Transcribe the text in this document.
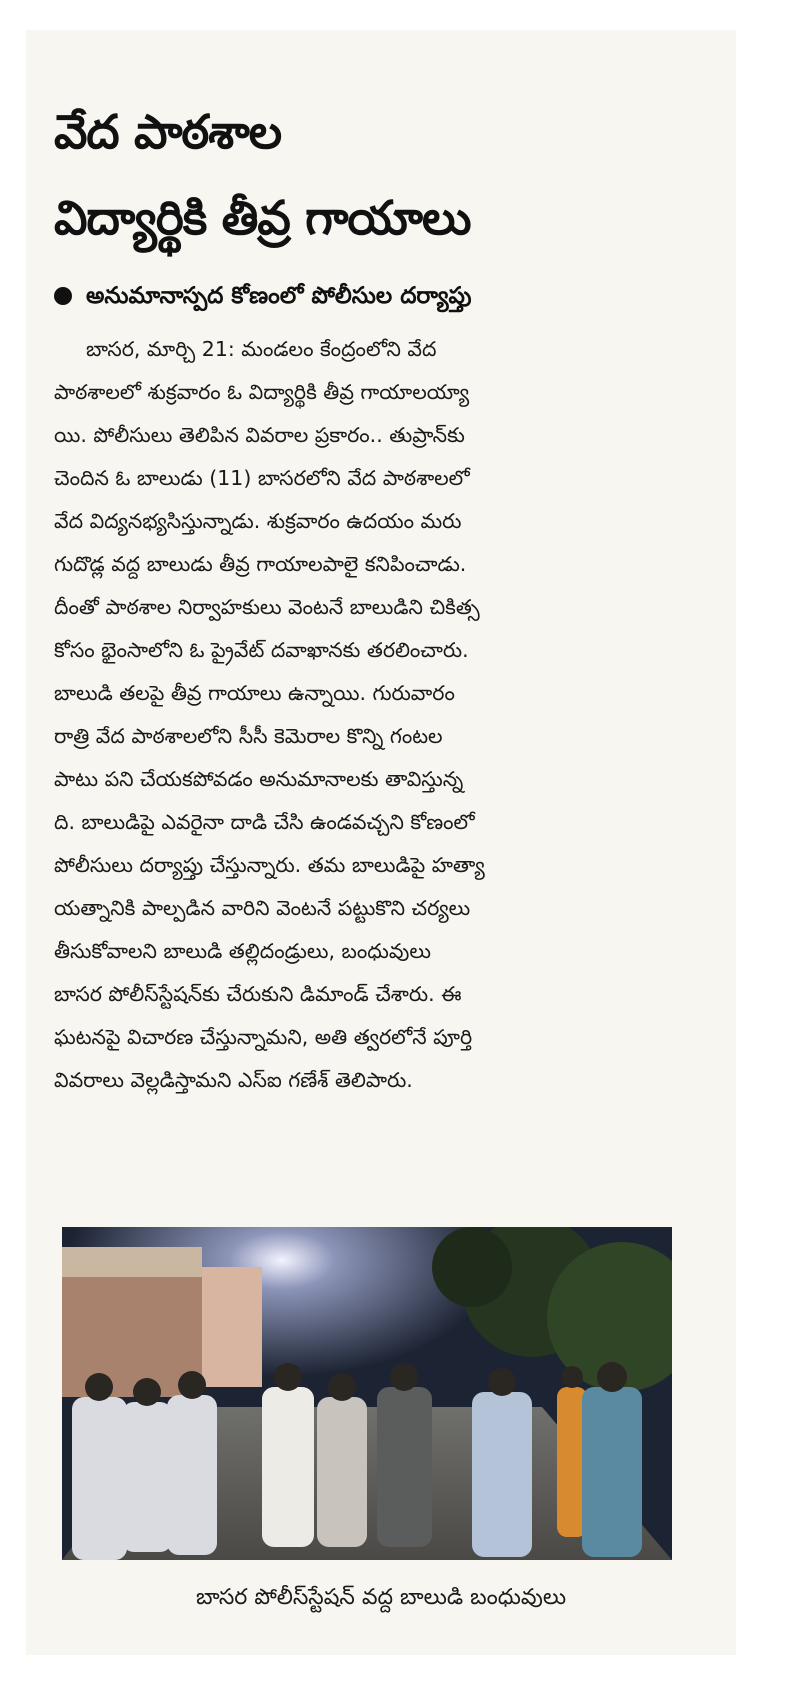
వేద పాఠశాల
విద్యార్థికి తీవ్ర గాయాలు
అనుమానాస్పద కోణంలో పోలీసుల దర్యాప్తు
బాసర, మార్చి 21: మండలం కేంద్రంలోని వేద
పాఠశాలలో శుక్రవారం ఓ విద్యార్థికి తీవ్ర గాయాలయ్యా
యి. పోలీసులు తెలిపిన వివరాల ప్రకారం.. తుప్రాన్‌కు
చెందిన ఓ బాలుడు (11) బాసరలోని వేద పాఠశాలలో
వేద విద్యనభ్యసిస్తున్నాడు. శుక్రవారం ఉదయం మరు
గుదొడ్ల వద్ద బాలుడు తీవ్ర గాయాలపాలై కనిపించాడు.
దీంతో పాఠశాల నిర్వాహకులు వెంటనే బాలుడిని చికిత్స
కోసం భైంసాలోని ఓ ప్రైవేట్ దవాఖానకు తరలించారు.
బాలుడి తలపై తీవ్ర గాయాలు ఉన్నాయి. గురువారం
రాత్రి వేద పాఠశాలలోని సీసీ కెమెరాల కొన్ని గంటల
పాటు పని చేయకపోవడం అనుమానాలకు తావిస్తున్న
ది. బాలుడిపై ఎవరైనా దాడి చేసి ఉండవచ్చని కోణంలో
పోలీసులు దర్యాప్తు చేస్తున్నారు. తమ బాలుడిపై హత్యా
యత్నానికి పాల్పడిన వారిని వెంటనే పట్టుకొని చర్యలు
తీసుకోవాలని బాలుడి తల్లిదండ్రులు, బంధువులు
బాసర పోలీస్‌స్టేషన్‌కు చేరుకుని డిమాండ్ చేశారు. ఈ
ఘటనపై విచారణ చేస్తున్నామని, అతి త్వరలోనే పూర్తి
వివరాలు వెల్లడిస్తామని ఎస్ఐ గణేశ్ తెలిపారు.
బాసర పోలీస్‌స్టేషన్ వద్ద బాలుడి బంధువులు
